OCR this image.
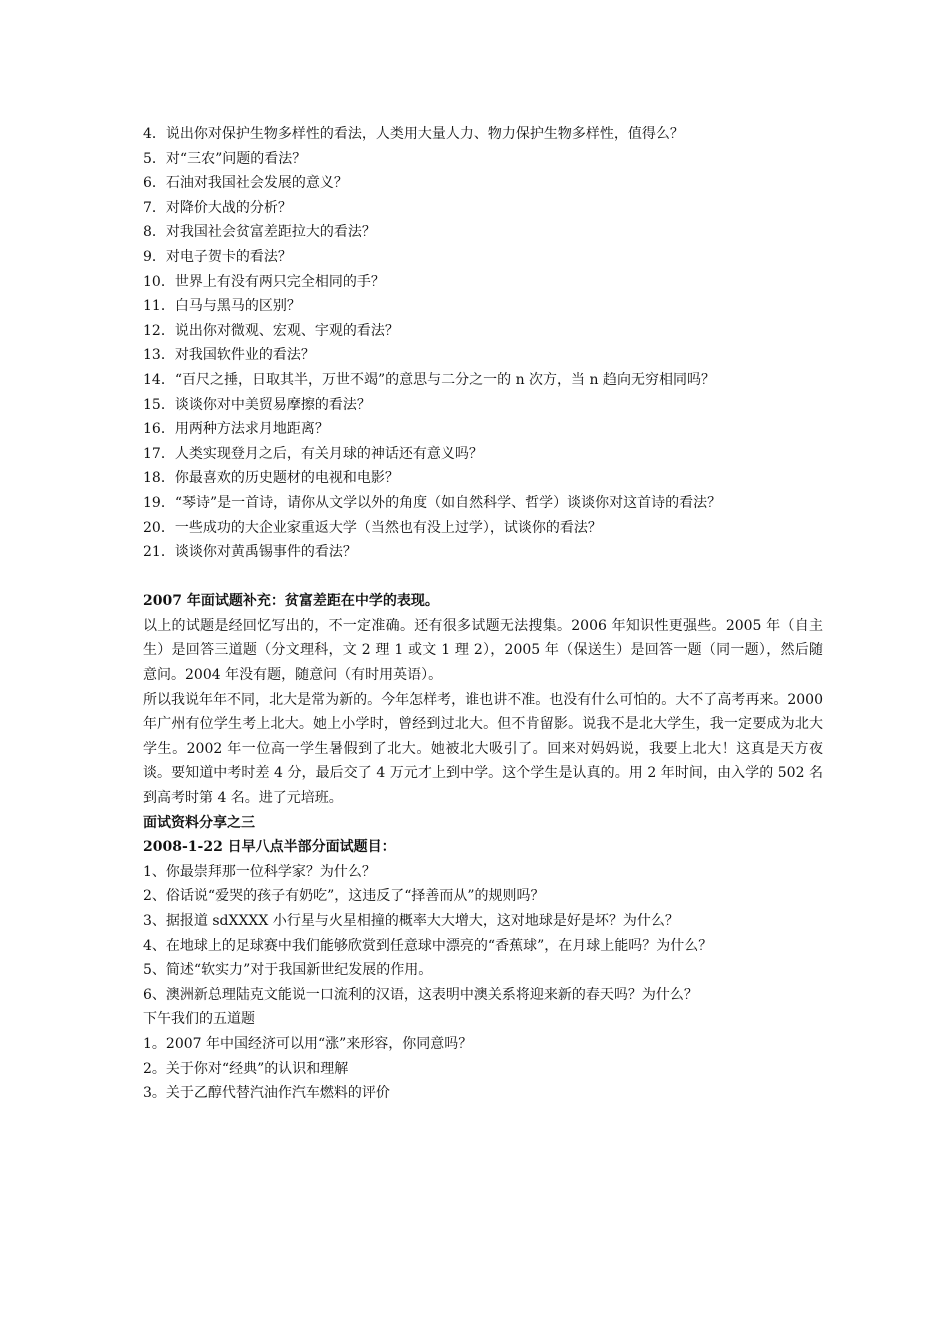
4．说出你对保护生物多样性的看法，人类用大量人力、物力保护生物多样性，值得么？
5．对“三农”问题的看法？
6．石油对我国社会发展的意义？
7．对降价大战的分析？
8．对我国社会贫富差距拉大的看法？
9．对电子贺卡的看法？
10．世界上有没有两只完全相同的手？
11．白马与黑马的区别？
12．说出你对微观、宏观、宇观的看法？
13．对我国软件业的看法？
14．“百尺之捶，日取其半，万世不竭”的意思与二分之一的 n 次方，当 n 趋向无穷相同吗？
15．谈谈你对中美贸易摩擦的看法？
16．用两种方法求月地距离？
17．人类实现登月之后，有关月球的神话还有意义吗？
18．你最喜欢的历史题材的电视和电影？
19．“琴诗”是一首诗，请你从文学以外的角度（如自然科学、哲学）谈谈你对这首诗的看法？
20．一些成功的大企业家重返大学（当然也有没上过学），试谈你的看法？
21．谈谈你对黄禹锡事件的看法？
2007 年面试题补充：贫富差距在中学的表现。
以上的试题是经回忆写出的，不一定准确。还有很多试题无法搜集。2006 年知识性更强些。2005 年（自主生）是回答三道题（分文理科，文 2 理 1 或文 1 理 2），2005 年（保送生）是回答一题（同一题），然后随意问。2004 年没有题，随意问（有时用英语）。
所以我说年年不同，北大是常为新的。今年怎样考，谁也讲不准。也没有什么可怕的。大不了高考再来。2000 年广州有位学生考上北大。她上小学时，曾经到过北大。但不肯留影。说我不是北大学生，我一定要成为北大学生。2002 年一位高一学生暑假到了北大。她被北大吸引了。回来对妈妈说，我要上北大！这真是天方夜谈。要知道中考时差 4 分，最后交了 4 万元才上到中学。这个学生是认真的。用 2 年时间，由入学的 502 名到高考时第 4 名。进了元培班。
面试资料分享之三
2008-1-22 日早八点半部分面试题目：
1、你最崇拜那一位科学家？为什么？
2、俗话说“爱哭的孩子有奶吃”，这违反了“择善而从”的规则吗？
3、据报道 sdXXXX 小行星与火星相撞的概率大大增大，这对地球是好是坏？为什么？
4、在地球上的足球赛中我们能够欣赏到任意球中漂亮的“香蕉球”，在月球上能吗？为什么？
5、简述“软实力”对于我国新世纪发展的作用。
6、澳洲新总理陆克文能说一口流利的汉语，这表明中澳关系将迎来新的春天吗？为什么？
下午我们的五道题
1。2007 年中国经济可以用“涨”来形容，你同意吗？
2。关于你对“经典”的认识和理解
3。关于乙醇代替汽油作汽车燃料的评价
